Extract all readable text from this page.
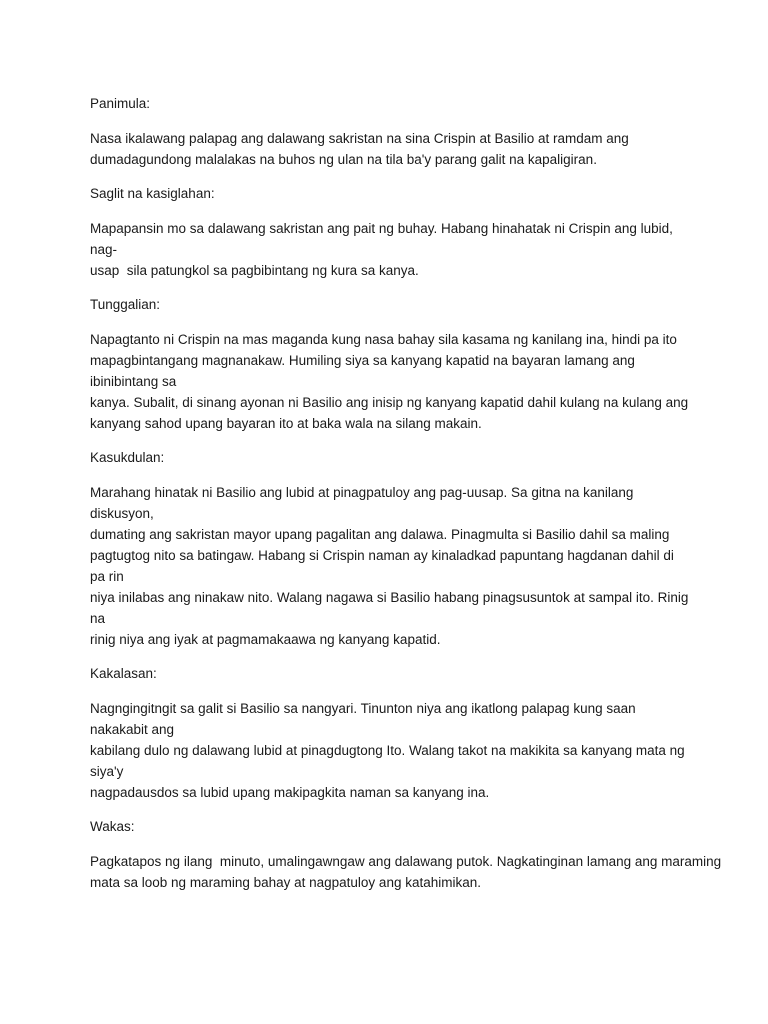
Panimula:
Nasa ikalawang palapag ang dalawang sakristan na sina Crispin at Basilio at ramdam ang
dumadagundong malalakas na buhos ng ulan na tila ba'y parang galit na kapaligiran.
Saglit na kasiglahan:
Mapapansin mo sa dalawang sakristan ang pait ng buhay. Habang hinahatak ni Crispin ang lubid, nag-
usap  sila patungkol sa pagbibintang ng kura sa kanya.
Tunggalian:
Napagtanto ni Crispin na mas maganda kung nasa bahay sila kasama ng kanilang ina, hindi pa ito
mapagbintangang magnanakaw. Humiling siya sa kanyang kapatid na bayaran lamang ang ibinibintang sa
kanya. Subalit, di sinang ayonan ni Basilio ang inisip ng kanyang kapatid dahil kulang na kulang ang
kanyang sahod upang bayaran ito at baka wala na silang makain.
Kasukdulan:
Marahang hinatak ni Basilio ang lubid at pinagpatuloy ang pag-uusap. Sa gitna na kanilang diskusyon,
dumating ang sakristan mayor upang pagalitan ang dalawa. Pinagmulta si Basilio dahil sa maling
pagtugtog nito sa batingaw. Habang si Crispin naman ay kinaladkad papuntang hagdanan dahil di pa rin
niya inilabas ang ninakaw nito. Walang nagawa si Basilio habang pinagsusuntok at sampal ito. Rinig na
rinig niya ang iyak at pagmamakaawa ng kanyang kapatid.
Kakalasan:
Nagngingitngit sa galit si Basilio sa nangyari. Tinunton niya ang ikatlong palapag kung saan nakakabit ang
kabilang dulo ng dalawang lubid at pinagdugtong Ito. Walang takot na makikita sa kanyang mata ng siya'y
nagpadausdos sa lubid upang makipagkita naman sa kanyang ina.
Wakas:
Pagkatapos ng ilang  minuto, umalingawngaw ang dalawang putok. Nagkatinginan lamang ang maraming
mata sa loob ng maraming bahay at nagpatuloy ang katahimikan.
